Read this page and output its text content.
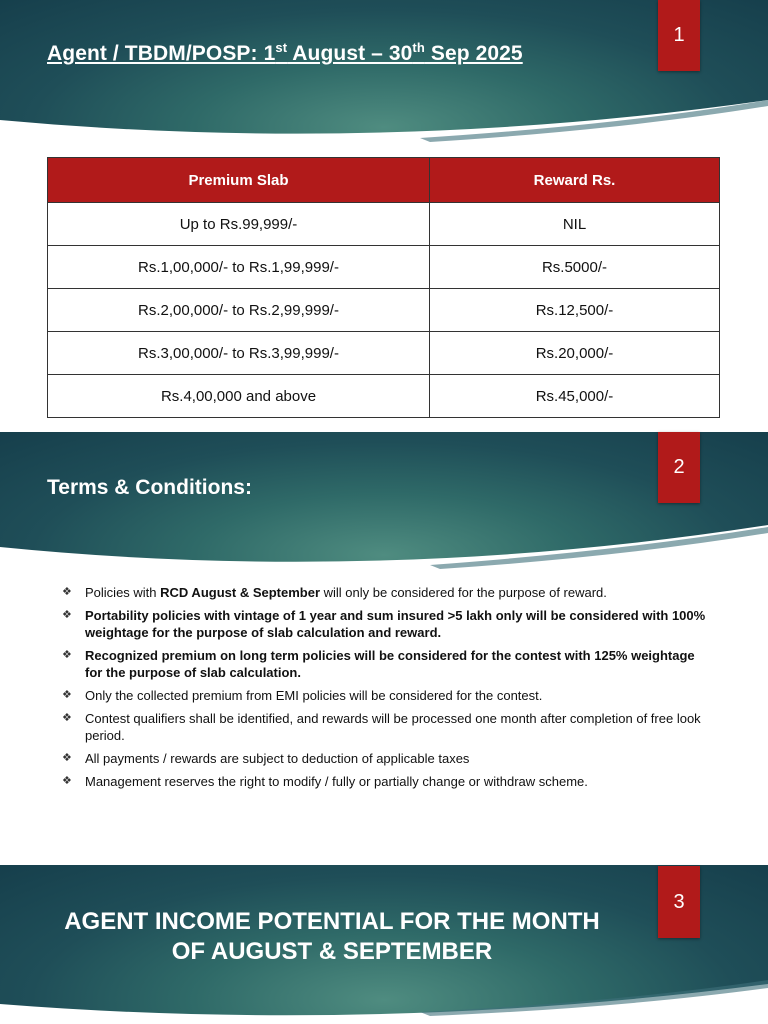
Agent / TBDM/POSP: 1st August – 30th Sep 2025
1
Premium Slab	Reward Rs.
Up to Rs.99,999/-	NIL
Rs.1,00,000/- to Rs.1,99,999/-	Rs.5000/-
Rs.2,00,000/- to Rs.2,99,999/-	Rs.12,500/-
Rs.3,00,000/- to Rs.3,99,999/-	Rs.20,000/-
Rs.4,00,000 and above	Rs.45,000/-
Terms & Conditions:
2
❖ Policies with RCD August & September will only be considered for the purpose of reward.
❖ Portability policies with vintage of 1 year and sum insured >5 lakh only will be considered with 100% weightage for the purpose of slab calculation and reward.
❖ Recognized premium on long term policies will be considered for the contest with 125% weightage for the purpose of slab calculation.
❖ Only the collected premium from EMI policies will be considered for the contest.
❖ Contest qualifiers shall be identified, and rewards will be processed one month after completion of free look period.
❖ All payments / rewards are subject to deduction of applicable taxes
❖ Management reserves the right to modify / fully or partially change or withdraw scheme.
AGENT INCOME POTENTIAL FOR THE MONTH
OF AUGUST & SEPTEMBER
3
